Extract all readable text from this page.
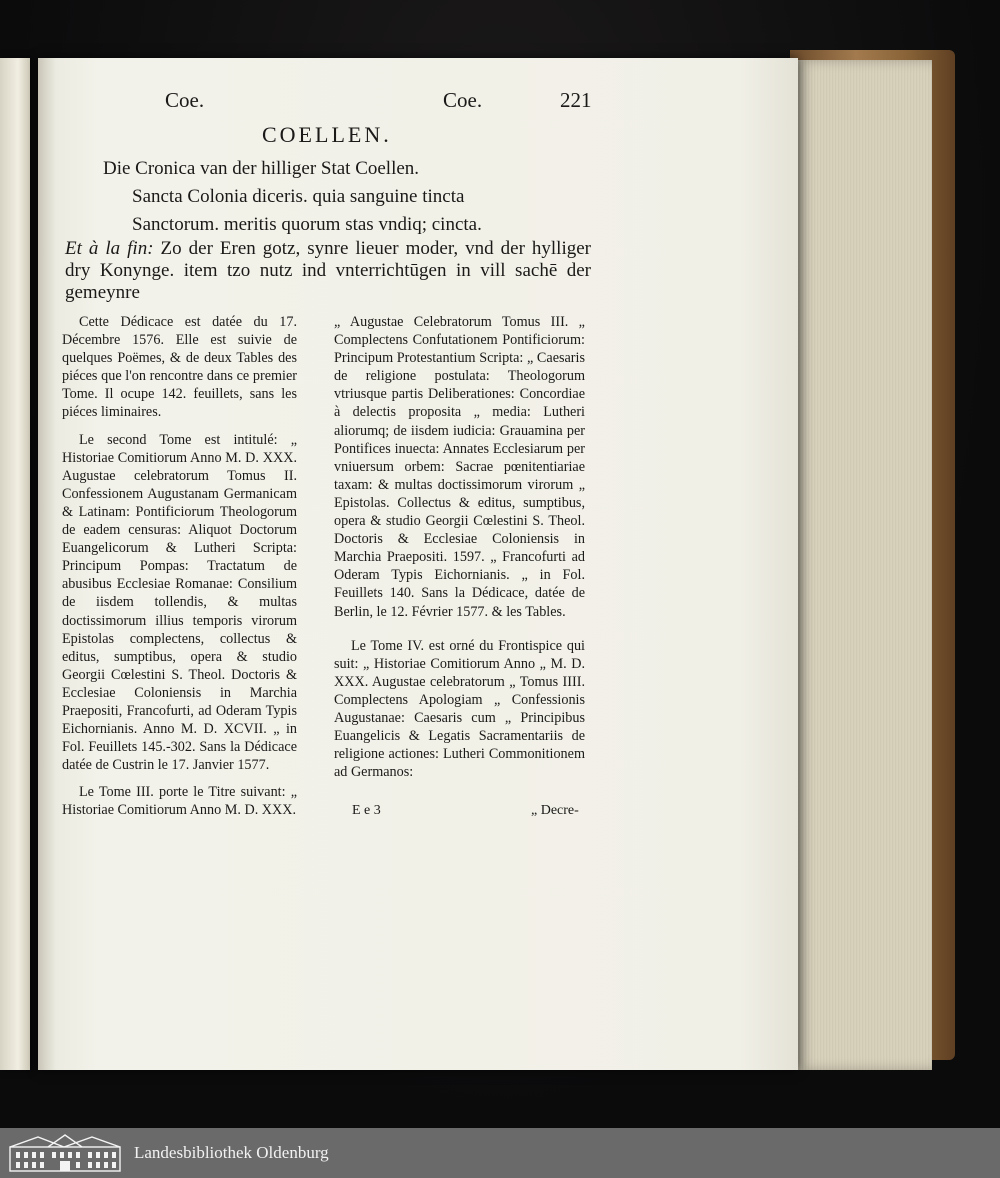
Coe.	Coe.	221
COELLEN.
Die Cronica van der hilliger Stat Coellen.
Sancta Colonia diceris. quia sanguine tincta
Sanctorum. meritis quorum stas vndiq; cincta.
Et à la fin: Zo der Eren gotz, synre lieuer moder, vnd der hylliger dry Konynge. item tzo nutz ind vnterrichtūgen in vill sachē der gemeynre

Cette Dédicace est datée du 17. Décembre 1576. Elle est suivie de quelques Poëmes, & de deux Tables des piéces que l'on rencontre dans ce premier Tome. Il ocupe 142. feuillets, sans les piéces liminaires.

Le second Tome est intitulé: „ Historiae Comitiorum Anno M. D. XXX. Augustae celebratorum Tomus II. Confessionem Augustanam Germanicam & Latinam: Pontificiorum Theologorum de eadem censuras: Aliquot Doctorum Euangelicorum & Lutheri Scripta: Principum Pompas: Tractatum de abusibus Ecclesiae Romanae: Consilium de iisdem tollendis, & multas doctissimorum illius temporis virorum Epistolas complectens, collectus & editus, sumptibus, opera & studio Georgii Cœlestini S. Theol. Doctoris & Ecclesiae Coloniensis in Marchia Praepositi, Francofurti, ad Oderam Typis Eichornianis. Anno M. D. XCVII. „ in Fol. Feuillets 145.-302. Sans la Dédicace datée de Custrin le 17. Janvier 1577.

Le Tome III. porte le Titre suivant: „ Historiae Comitiorum Anno M. D. XXX.

„ Augustae Celebratorum Tomus III. „ Complectens Confutationem Pontificiorum: Principum Protestantium Scripta: „ Caesaris de religione postulata: Theologorum vtriusque partis Deliberationes: Concordiae à delectis proposita „ media: Lutheri aliorumq; de iisdem iudicia: Grauamina per Pontifices inuecta: Annates Ecclesiarum per vniuersum orbem: Sacrae pœnitentiariae taxam: & multas doctissimorum virorum „ Epistolas. Collectus & editus, sumptibus, opera & studio Georgii Cœlestini S. Theol. Doctoris & Ecclesiae Coloniensis in Marchia Praepositi. 1597. „ Francofurti ad Oderam Typis Eichornianis. „ in Fol. Feuillets 140. Sans la Dédicace, datée de Berlin, le 12. Février 1577. & les Tables.

Le Tome IV. est orné du Frontispice qui suit: „ Historiae Comitiorum Anno „ M. D. XXX. Augustae celebratorum „ Tomus IIII. Complectens Apologiam „ Confessionis Augustanae: Caesaris cum „ Principibus Euangelicis & Legatis Sacramentariis de religione actiones: Lutheri Commonitionem ad Germanos:

E e 3	„ Decre-
Landesbibliothek Oldenburg
